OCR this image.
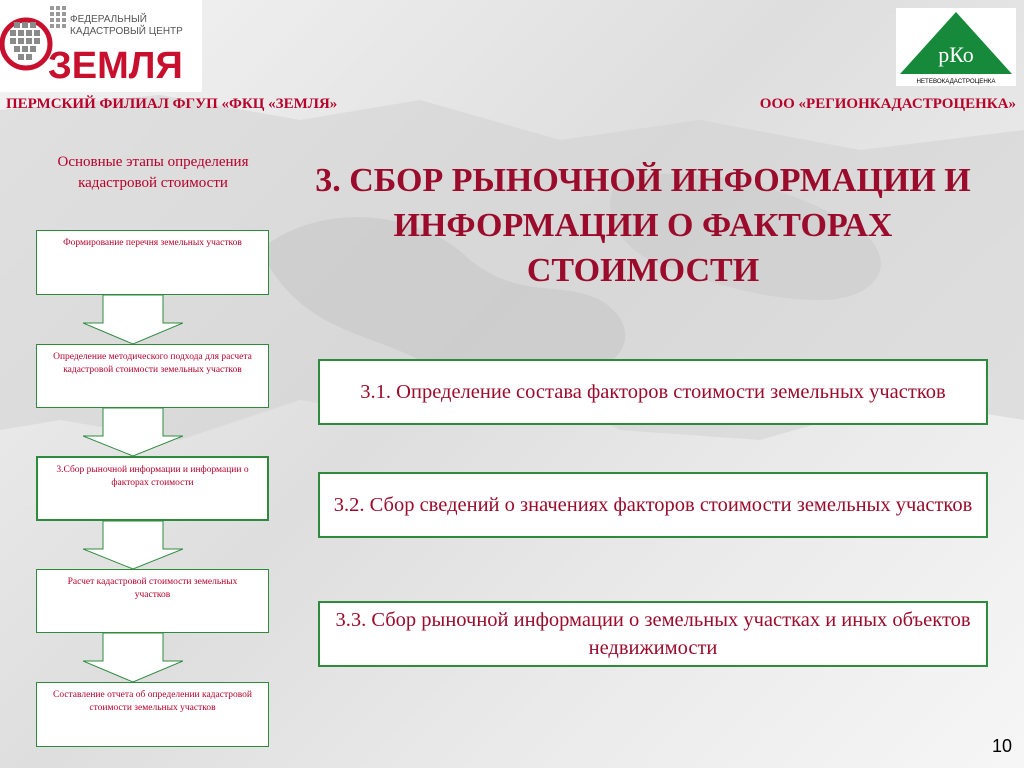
ФЕДЕРАЛЬНЫЙ
КАДАСТРОВЫЙ ЦЕНТР
ЗЕМЛЯ	рКо
НЕТЕВОКАДАСТРОЦЕНКА
ПЕРМСКИЙ ФИЛИАЛ ФГУП «ФКЦ «ЗЕМЛЯ»	ООО «РЕГИОНКАДАСТРОЦЕНКА»
Основные этапы определения кадастровой стоимости
Формирование перечня земельных участков
Определение методического подхода для расчета кадастровой стоимости земельных участков
3.Сбор рыночной информации и информации о факторах стоимости
Расчет кадастровой стоимости земельных участков
Составление отчета об определении кадастровой стоимости земельных участков
3. СБОР РЫНОЧНОЙ ИНФОРМАЦИИ И ИНФОРМАЦИИ О ФАКТОРАХ СТОИМОСТИ
3.1. Определение состава факторов стоимости земельных участков
3.2. Сбор сведений о значениях факторов стоимости земельных участков
3.3. Сбор рыночной информации о земельных участках и иных объектов недвижимости
10
